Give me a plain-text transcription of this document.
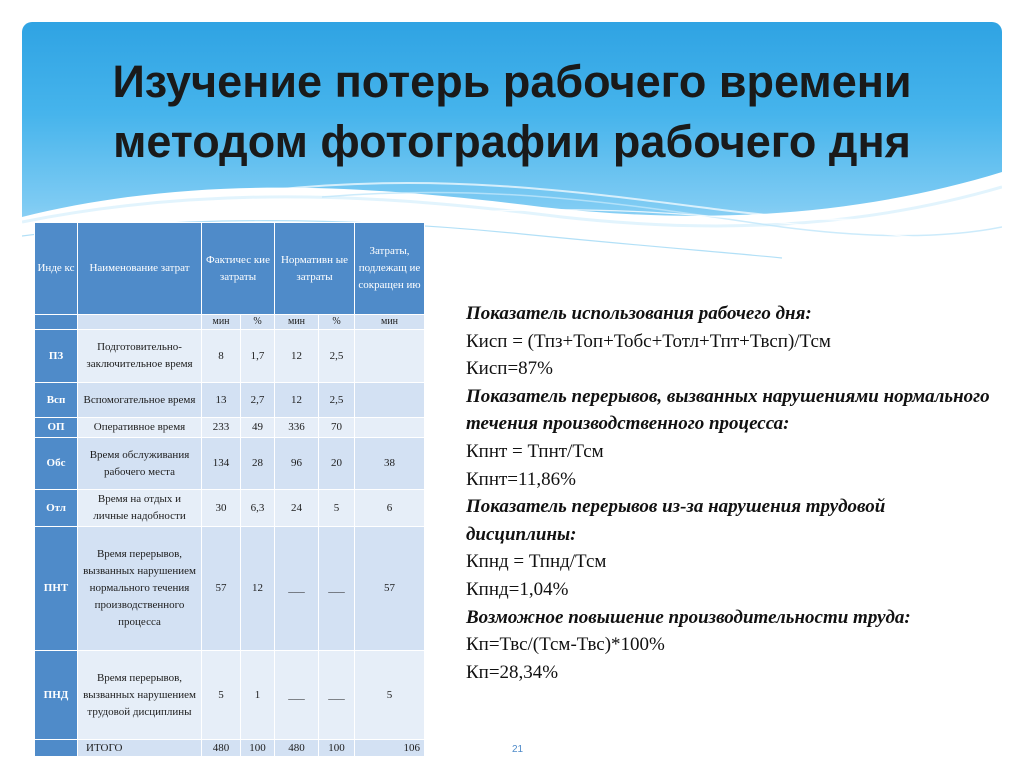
Изучение потерь рабочего времени
методом фотографии рабочего дня
Инде кс	Наименование затрат	Фактичес кие затраты		Нормативн ые затраты		Затраты, подлежащ ие сокращен ию
		мин	%	мин	%	мин
ПЗ	Подготовительно-заключительное время	8	1,7	12	2,5	
Всп	Вспомогательное время	13	2,7	12	2,5	
ОП	Оперативное время	233	49	336	70	
Обс	Время обслуживания рабочего места	134	28	96	20	38
Отл	Время на отдых и личные надобности	30	6,3	24	5	6
ПНТ	Время перерывов, вызванных нарушением нормального течения производственного процесса	57	12	___	___	57
ПНД	Время перерывов, вызванных нарушением трудовой дисциплины	5	1	___	___	5
	ИТОГО	480	100	480	100	106
Показатель использования рабочего дня:
Кисп = (Тпз+Топ+Тобс+Тотл+Тпт+Твсп)/Тсм
Кисп=87%
Показатель перерывов, вызванных нарушениями нормального течения производственного процесса:
Кпнт = Тпнт/Тсм
Кпнт=11,86%
Показатель перерывов из-за нарушения трудовой дисциплины:
Кпнд = Тпнд/Тсм
Кпнд=1,04%
Возможное повышение производительности труда:
Кп=Твс/(Тсм-Твс)*100%
Кп=28,34%
21
